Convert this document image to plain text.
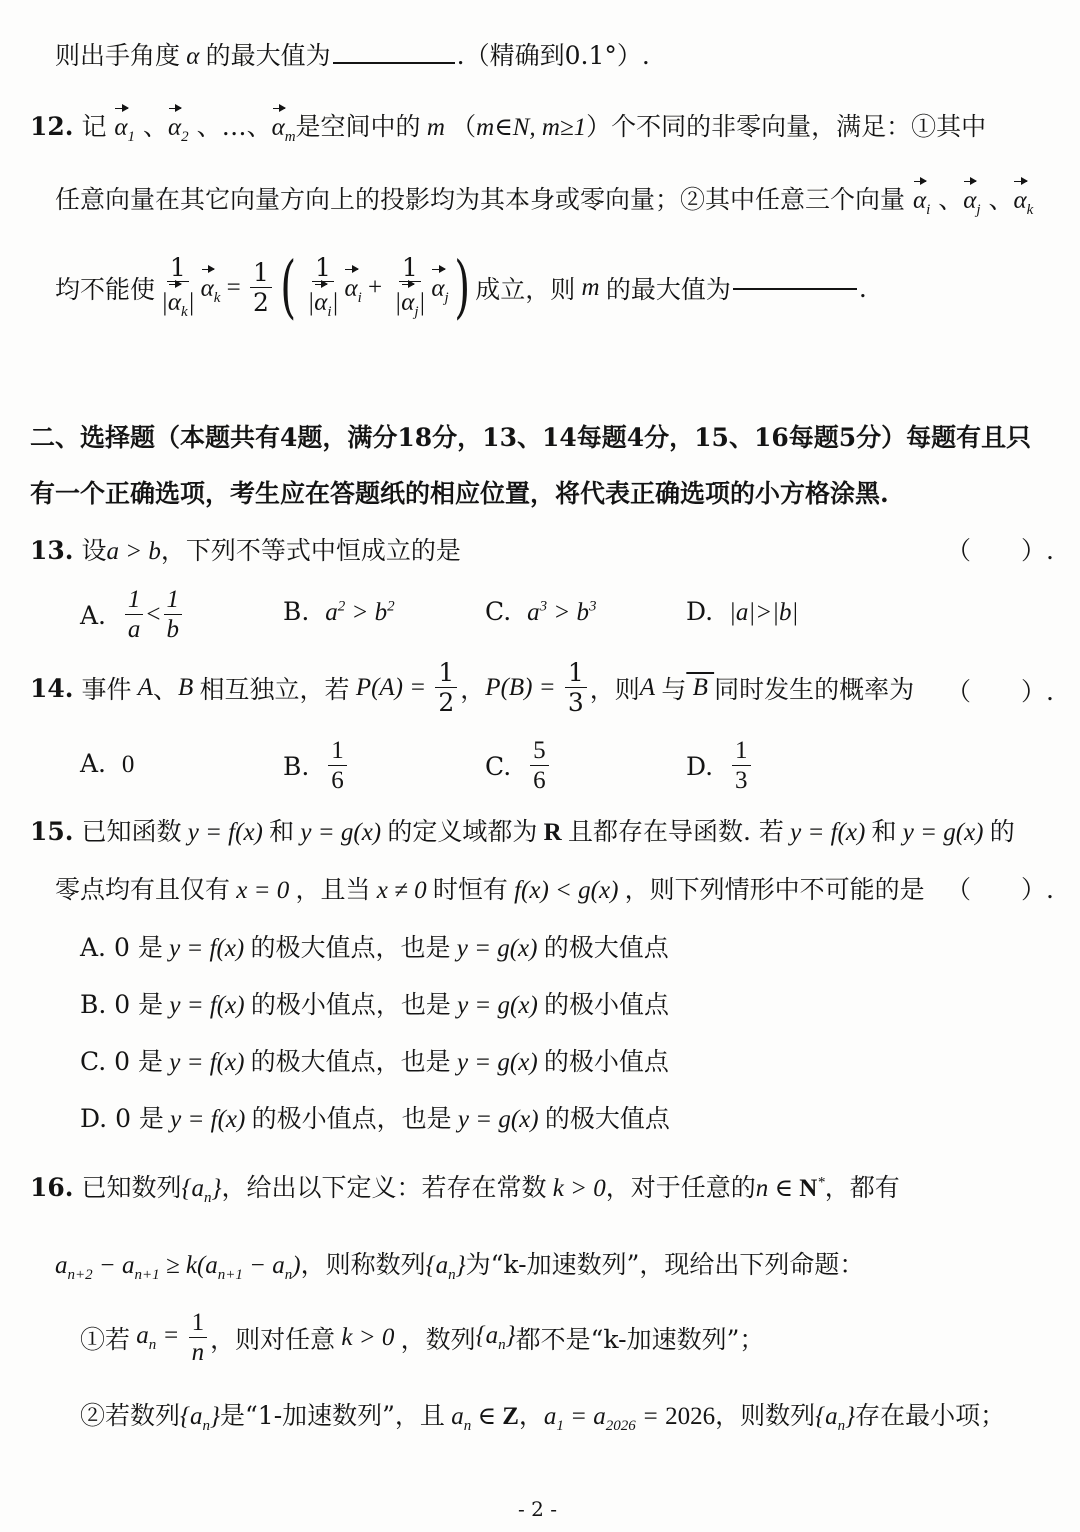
则出手角度 α 的最大值为	.（精确到0.1°）.
12. 记 $\alpha_1$ 、$\alpha_2$ 、…、$\alpha_m$是空间中的 m （m∈N, m≥1）个不同的非零向量，满足：①其中
任意向量在其它向量方向上的投影均为其本身或零向量；②其中任意三个向量 $\alpha_i$ 、$\alpha_j$ 、$\alpha_k$
均不能使 $\frac{1}{|\alpha_k|} \alpha_k = \frac{1}{2}$ ( $\frac{1}{|\alpha_i|} \alpha_i + \frac{1}{|\alpha_j|} \alpha_j$ ) 成立，则 m 的最大值为	.
二、选择题（本题共有4题，满分18分，13、14每题4分，15、16每题5分）每题有且只
有一个正确选项，考生应在答题纸的相应位置，将代表正确选项的小方格涂黑.
13. 设a > b，下列不等式中恒成立的是	（　　）.
A.
$\frac{1}{a} < \frac{1}{b}$	B. $a^2 > b^2$	C. $a^3 > b^3$	D. |a|>|b|
14.
事件 A 、 B 相互独立，若 $P(A) = \frac{1}{2}$ ， $P(B) = \frac{1}{3}$ ，则 A 与 B 同时发生的概率为 （　　）.
A. 0	B.
$\frac{1}{6}$	C.
$\frac{5}{6}$	D.
$\frac{1}{3}$
15. 已知函数 y = f(x) 和 y = g(x) 的定义域都为 R 且都存在导函数. 若 y = f(x) 和 y = g(x) 的
零点均有且仅有 x = 0 ，且当 x ≠ 0 时恒有 f(x) < g(x) ，则下列情形中不可能的是 （　　）.
A. 0 是 y = f(x) 的极大值点，也是 y = g(x) 的极大值点
B. 0 是 y = f(x) 的极小值点，也是 y = g(x) 的极小值点
C. 0 是 y = f(x) 的极大值点，也是 y = g(x) 的极小值点
D. 0 是 y = f(x) 的极小值点，也是 y = g(x) 的极大值点
16. 已知数列$\{a_n\}$，给出以下定义：若存在常数 k > 0，对于任意的n ∈ N*，都有
$a_{n+2} - a_{n+1} \ge k(a_{n+1} - a_n)$，则称数列$\{a_n\}$为“k-加速数列”，现给出下列命题：
①若 $a_n = \frac{1}{n}$ ，则对任意 k > 0 ，数列 $\{a_n\}$ 都不是“k-加速数列”；
②若数列$\{a_n\}$是“1-加速数列”，且 $a_n$ ∈ Z，$a_1 = a_{2026} = 2026$，则数列$\{a_n\}$存在最小项；
- 2 -
